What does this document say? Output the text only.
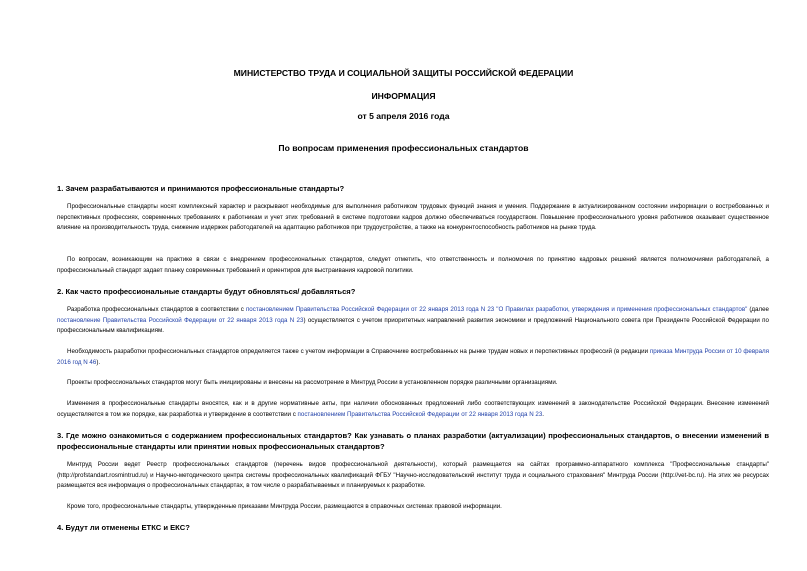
МИНИСТЕРСТВО ТРУДА И СОЦИАЛЬНОЙ ЗАЩИТЫ РОССИЙСКОЙ ФЕДЕРАЦИИ
ИНФОРМАЦИЯ
от 5 апреля 2016 года
По вопросам применения профессиональных стандартов
1. Зачем разрабатываются и принимаются профессиональные стандарты?
Профессиональные стандарты носят комплексный характер и раскрывают необходимые для выполнения работником трудовых функций знания и умения. Поддержание в актуализированном состоянии информации о востребованных и перспективных профессиях, современных требованиях к работникам и учет этих требований в системе подготовки кадров должно обеспечиваться государством. Повышение профессионального уровня работников оказывает существенное влияние на производительность труда, снижение издержек работодателей на адаптацию работников при трудоустройстве, а также на конкурентоспособность работников на рынке труда.
По вопросам, возникающим на практике в связи с внедрением профессиональных стандартов, следует отметить, что ответственность и полномочия по принятию кадровых решений является полномочиями работодателей, а профессиональный стандарт задает планку современных требований и ориентиров для выстраивания кадровой политики.
2. Как часто профессиональные стандарты будут обновляться/ добавляться?
Разработка профессиональных стандартов в соответствии с постановлением Правительства Российской Федерации от 22 января 2013 года N 23 "О Правилах разработки, утверждения и применения профессиональных стандартов" (далее постановление Правительства Российской Федерации от 22 января 2013 года N 23) осуществляется с учетом приоритетных направлений развития экономики и предложений Национального совета при Президенте Российской Федерации по профессиональным квалификациям.
Необходимость разработки профессиональных стандартов определяется также с учетом информации в Справочнике востребованных на рынке трудам новых и перспективных профессий (в редакции приказа Минтруда России от 10 февраля 2016 год N 46).
Проекты профессиональных стандартов могут быть инициированы и внесены на рассмотрение в Минтруд России в установленном порядке различными организациями.
Изменения в профессиональные стандарты вносятся, как и в другие нормативные акты, при наличии обоснованных предложений либо соответствующих изменений в законодательстве Российской Федерации. Внесение изменений осуществляется в том же порядке, как разработка и утверждение в соответствии с постановлением Правительства Российской Федерации от 22 января 2013 года N 23.
3. Где можно ознакомиться с содержанием профессиональных стандартов? Как узнавать о планах разработки (актуализации) профессиональных стандартов, о внесении изменений в профессиональные стандарты или принятии новых профессиональных стандартов?
Минтруд России ведет Реестр профессиональных стандартов (перечень видов профессиональной деятельности), который размещается на сайтах программно-аппаратного комплекса "Профессиональные стандарты" (http://profstandart.rosmintrud.ru) и Научно-методического центра системы профессиональных квалификаций ФГБУ "Научно-исследовательский институт труда и социального страхования" Минтруда России (http://vet-bc.ru). На этих же ресурсах размещается вся информация о профессиональных стандартах, в том числе о разрабатываемых и планируемых к разработке.
Кроме того, профессиональные стандарты, утвержденные приказами Минтруда России, размещаются в справочных системах правовой информации.
4. Будут ли отменены ЕТКС и ЕКС?
